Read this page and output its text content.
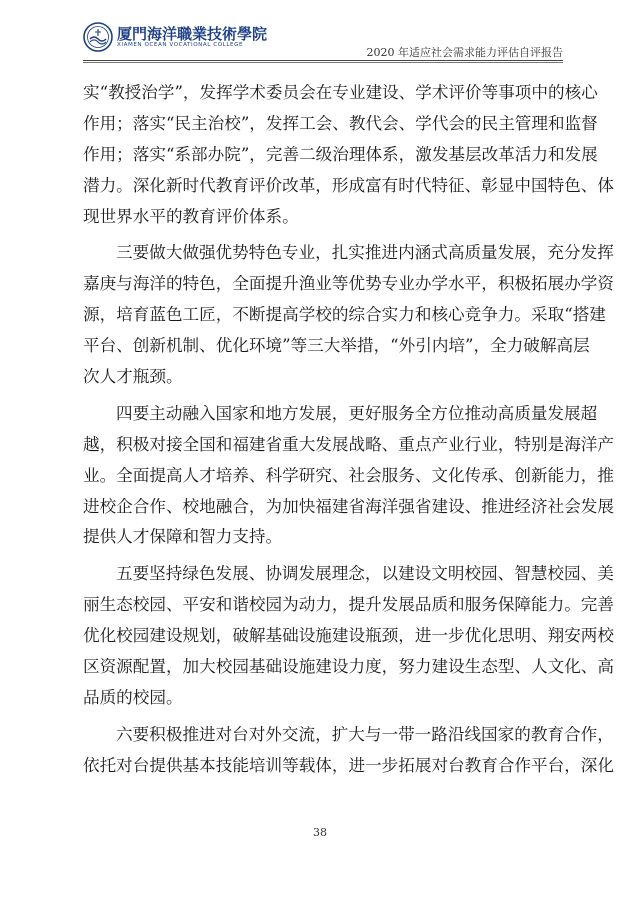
厦門海洋職業技術學院
XIAMEN OCEAN VOCATIONAL COLLEGE
2020 年适应社会需求能力评估自评报告

实“教授治学”，发挥学术委员会在专业建设、学术评价等事项中的核心

作用；落实“民主治校”，发挥工会、教代会、学代会的民主管理和监督

作用；落实“系部办院”，完善二级治理体系，激发基层改革活力和发展

潜力。深化新时代教育评价改革，形成富有时代特征、彰显中国特色、体

现世界水平的教育评价体系。

三要做大做强优势特色专业，扎实推进内涵式高质量发展，充分发挥

嘉庚与海洋的特色，全面提升渔业等优势专业办学水平，积极拓展办学资

源，培育蓝色工匠，不断提高学校的综合实力和核心竞争力。采取“搭建

平台、创新机制、优化环境”等三大举措，“外引内培”，全力破解高层

次人才瓶颈。

四要主动融入国家和地方发展，更好服务全方位推动高质量发展超

越，积极对接全国和福建省重大发展战略、重点产业行业，特别是海洋产

业。全面提高人才培养、科学研究、社会服务、文化传承、创新能力，推

进校企合作、校地融合，为加快福建省海洋强省建设、推进经济社会发展

提供人才保障和智力支持。

五要坚持绿色发展、协调发展理念，以建设文明校园、智慧校园、美

丽生态校园、平安和谐校园为动力，提升发展品质和服务保障能力。完善

优化校园建设规划，破解基础设施建设瓶颈，进一步优化思明、翔安两校

区资源配置，加大校园基础设施建设力度，努力建设生态型、人文化、高

品质的校园。

六要积极推进对台对外交流，扩大与一带一路沿线国家的教育合作，

依托对台提供基本技能培训等载体，进一步拓展对台教育合作平台，深化

38
